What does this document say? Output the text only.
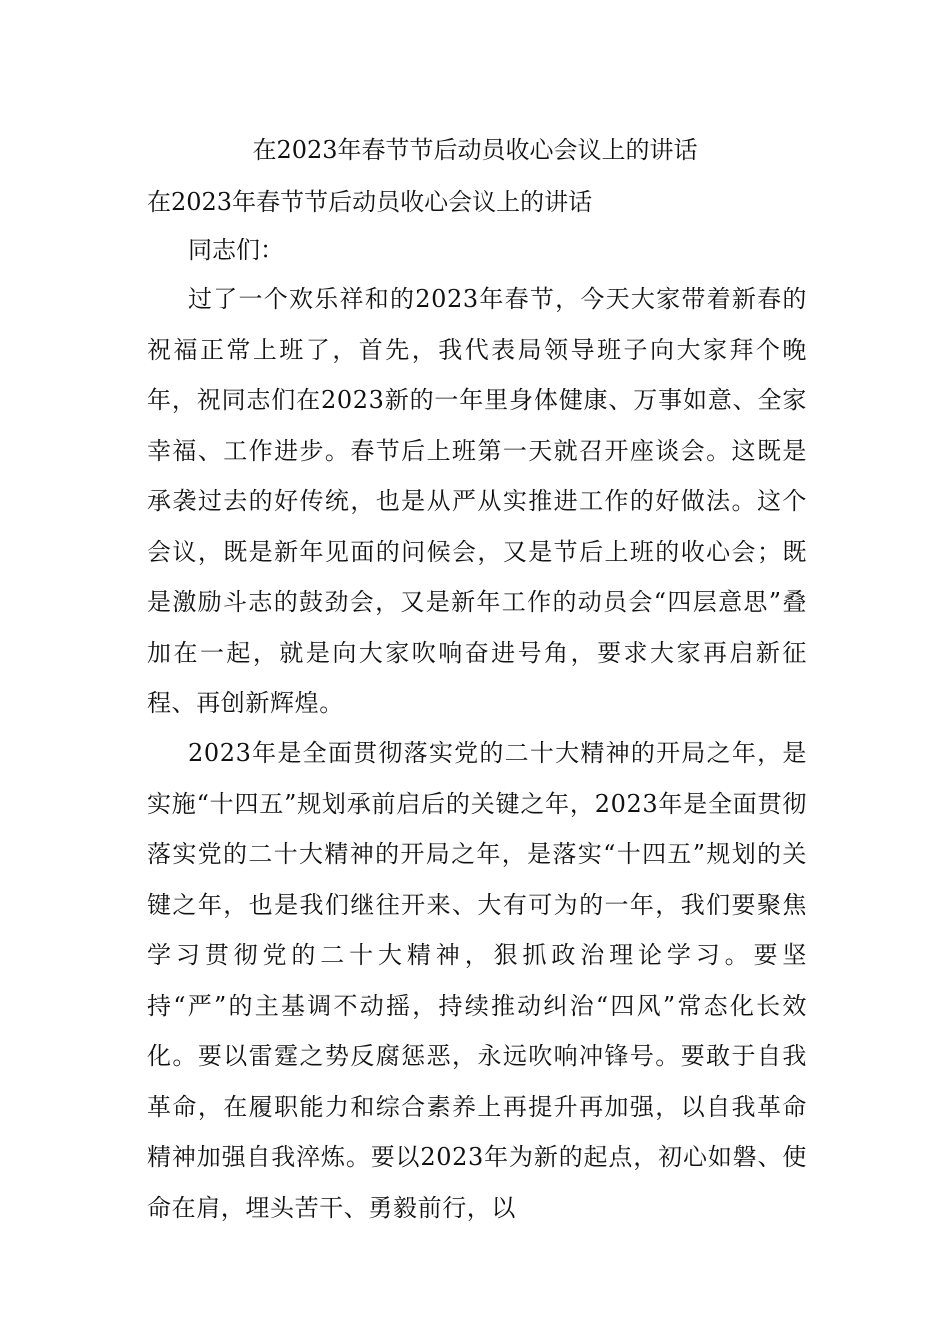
在2023年春节节后动员收心会议上的讲话
在2023年春节节后动员收心会议上的讲话

同志们：

过了一个欢乐祥和的2023年春节，今天大家带着新春的祝福正常上班了，首先，我代表局领导班子向大家拜个晚年，祝同志们在2023新的一年里身体健康、万事如意、全家幸福、工作进步。春节后上班第一天就召开座谈会。这既是承袭过去的好传统，也是从严从实推进工作的好做法。这个会议，既是新年见面的问候会，又是节后上班的收心会；既是激励斗志的鼓劲会，又是新年工作的动员会“四层意思”叠加在一起，就是向大家吹响奋进号角，要求大家再启新征程、再创新辉煌。

2023年是全面贯彻落实党的二十大精神的开局之年，是实施“十四五”规划承前启后的关键之年，2023年是全面贯彻落实党的二十大精神的开局之年，是落实“十四五”规划的关键之年，也是我们继往开来、大有可为的一年，我们要聚焦学习贯彻党的二十大精神，狠抓政治理论学习。要坚持“严”的主基调不动摇，持续推动纠治“四风”常态化长效化。要以雷霆之势反腐惩恶，永远吹响冲锋号。要敢于自我革命，在履职能力和综合素养上再提升再加强，以自我革命精神加强自我淬炼。要以2023年为新的起点，初心如磐、使命在肩，埋头苦干、勇毅前行，以
